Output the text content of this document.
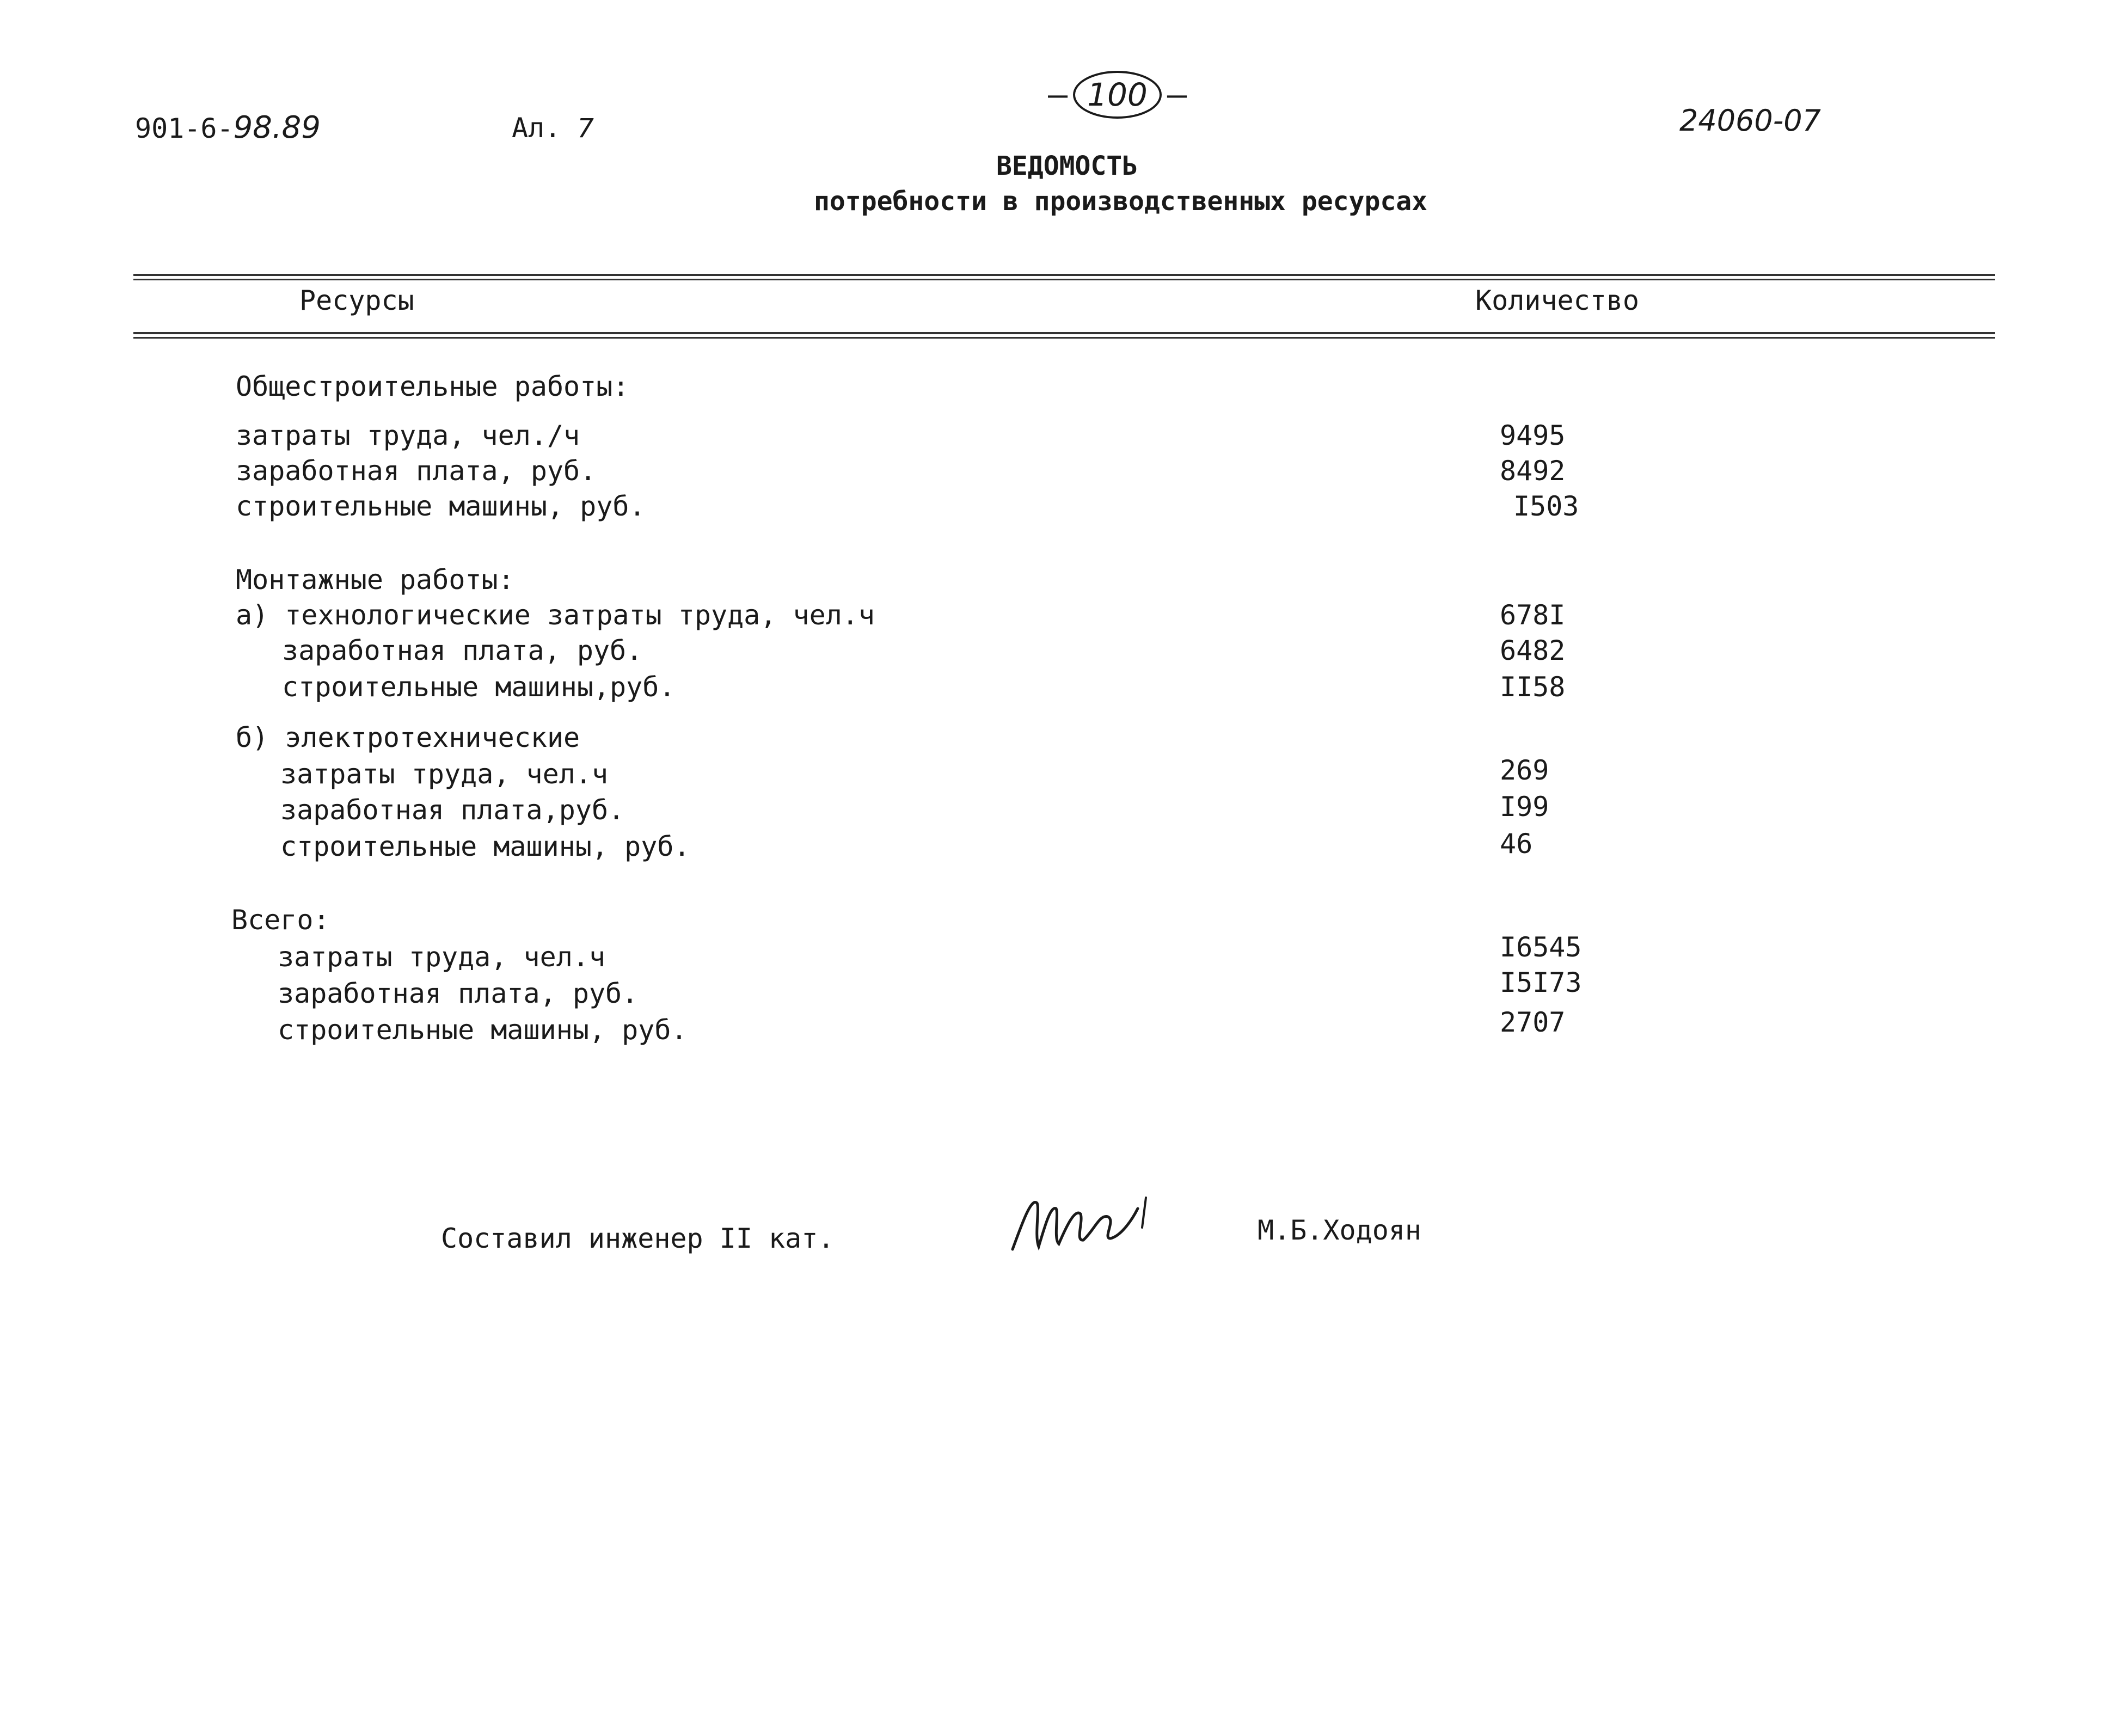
901-6-98.89	Ал. 7
– 100 –
24060-07
ВЕДОМОСТЬ
потребности в производственных ресурсах
Ресурсы	Количество
Общестроительные работы:
затраты труда, чел./ч	9495
заработная плата, руб.	8492
строительные машины, руб.	I503
Монтажные работы:
а) технологические затраты труда, чел.ч	678I
заработная плата, руб.	6482
строительные машины,руб.	II58
б) электротехнические
затраты труда, чел.ч	269
заработная плата,руб.	I99
строительные машины, руб.	46
Всего:
затраты труда, чел.ч	I6545
заработная плата, руб.	I5I73
строительные машины, руб.	2707
Составил инженер II кат.	М.Б.Ходоян
